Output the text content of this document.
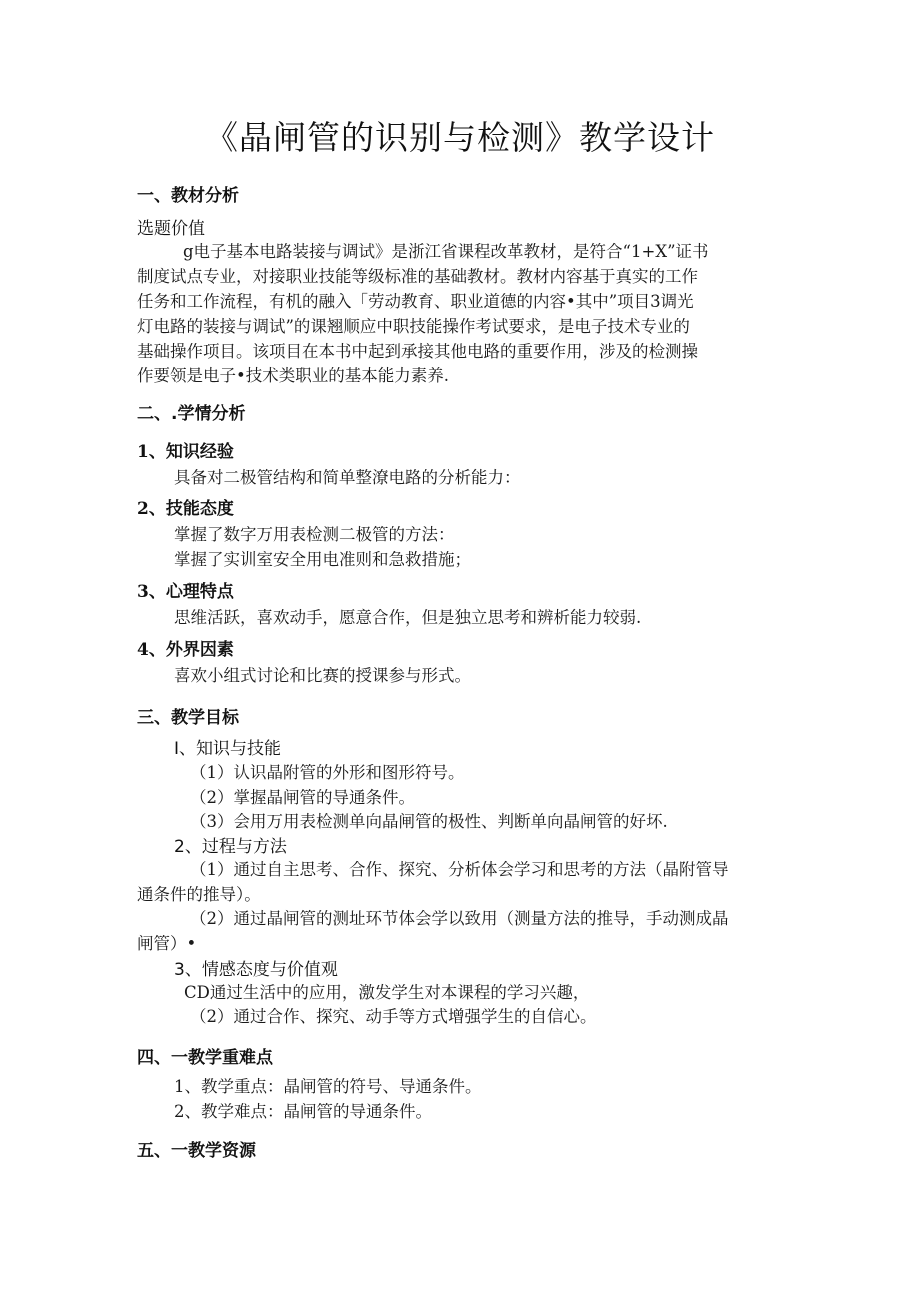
《晶闸管的识别与检测》教学设计
一、教材分析
选题价值
g电子基本电路装接与调试》是浙江省课程改革教材，是符合“1+X”证书
制度试点专业，对接职业技能等级标准的基础教材。教材内容基于真实的工作
任务和工作流程，有机的融入「劳动教育、职业道德的内容•其中”项目3调光
灯电路的装接与调试”的课翘顺应中职技能操作考试要求，是电子技术专业的
基础操作项目。该项目在本书中起到承接其他电路的重要作用，涉及的检测操
作要领是电子•技术类职业的基本能力素养.
二、.学情分析
1、知识经验
具备对二极管结构和简单整潦电路的分析能力：
2、技能态度
掌握了数字万用表检测二极管的方法：
掌握了实训室安全用电准则和急救措施；
3、心理特点
思维活跃，喜欢动手，愿意合作，但是独立思考和辨析能力较弱.
4、外界因素
喜欢小组式讨论和比赛的授课参与形式。
三、教学目标
I、知识与技能
（1）认识晶附管的外形和图形符号。
（2）掌握晶闸管的导通条件。
（3）会用万用表检测单向晶闸管的极性、判断单向晶闸管的好坏.
2、过程与方法
（1）通过自主思考、合作、探究、分析体会学习和思考的方法（晶附管导
通条件的推导）。
（2）通过晶闸管的测址环节体会学以致用（测量方法的推导，手动测成晶
闸管）•
3、情感态度与价值观
CD通过生活中的应用，激发学生对本课程的学习兴趣，
（2）通过合作、探究、动手等方式增强学生的自信心。
四、一教学重难点
1、教学重点：晶闸管的符号、导通条件。
2、教学难点：晶闸管的导通条件。
五、一教学资源
